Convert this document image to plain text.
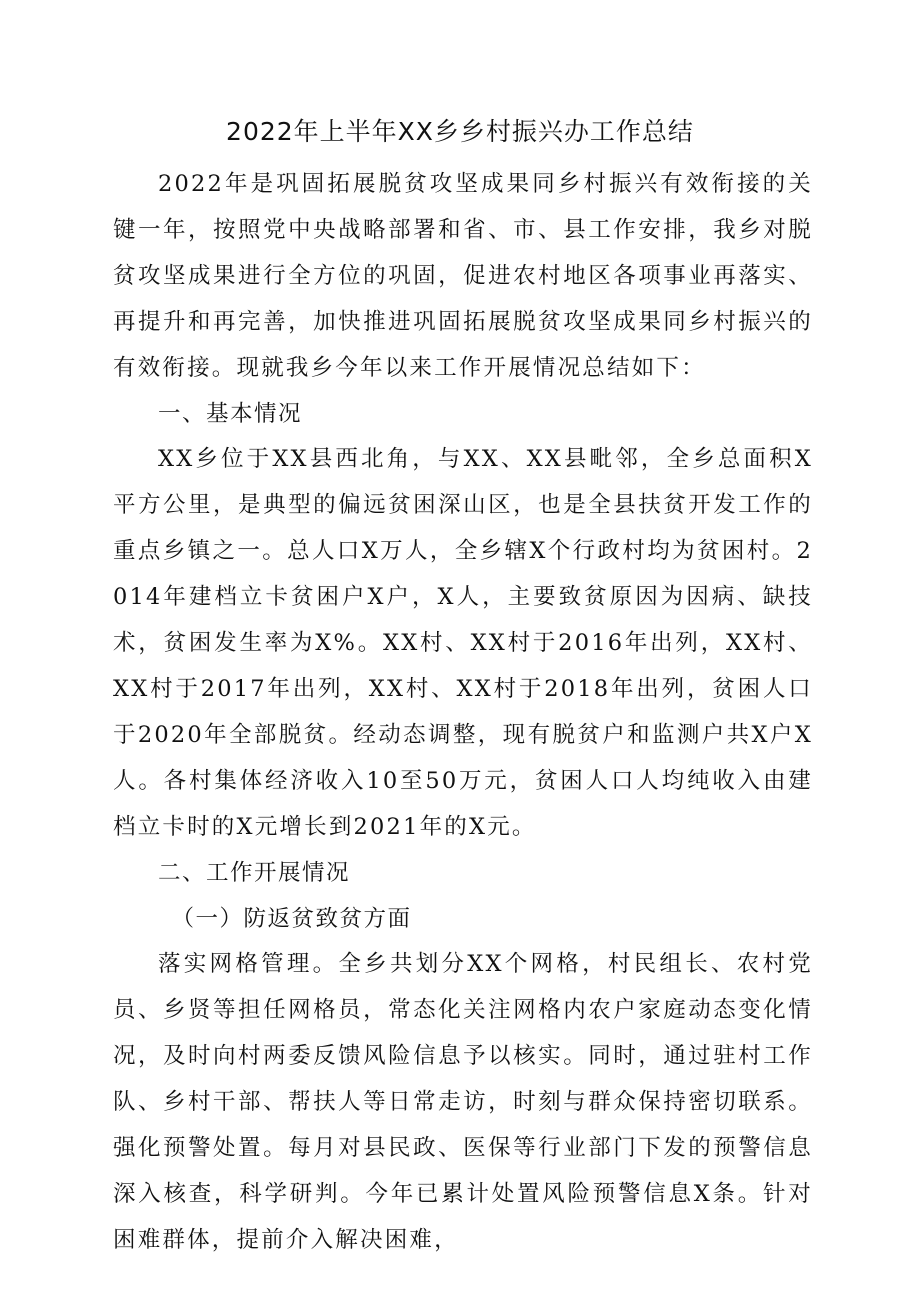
2022年上半年XX乡乡村振兴办工作总结

2022年是巩固拓展脱贫攻坚成果同乡村振兴有效衔接的关键一年，按照党中央战略部署和省、市、县工作安排，我乡对脱贫攻坚成果进行全方位的巩固，促进农村地区各项事业再落实、再提升和再完善，加快推进巩固拓展脱贫攻坚成果同乡村振兴的有效衔接。现就我乡今年以来工作开展情况总结如下：

一、基本情况

XX乡位于XX县西北角，与XX、XX县毗邻，全乡总面积X平方公里，是典型的偏远贫困深山区，也是全县扶贫开发工作的重点乡镇之一。总人口X万人，全乡辖X个行政村均为贫困村。2014年建档立卡贫困户X户，X人，主要致贫原因为因病、缺技术，贫困发生率为X%。XX村、XX村于2016年出列，XX村、XX村于2017年出列，XX村、XX村于2018年出列，贫困人口于2020年全部脱贫。经动态调整，现有脱贫户和监测户共X户X人。各村集体经济收入10至50万元，贫困人口人均纯收入由建档立卡时的X元增长到2021年的X元。

二、工作开展情况

（一）防返贫致贫方面

落实网格管理。全乡共划分XX个网格，村民组长、农村党员、乡贤等担任网格员，常态化关注网格内农户家庭动态变化情况，及时向村两委反馈风险信息予以核实。同时，通过驻村工作队、乡村干部、帮扶人等日常走访，时刻与群众保持密切联系。强化预警处置。每月对县民政、医保等行业部门下发的预警信息深入核查，科学研判。今年已累计处置风险预警信息X条。针对困难群体，提前介入解决困难，
